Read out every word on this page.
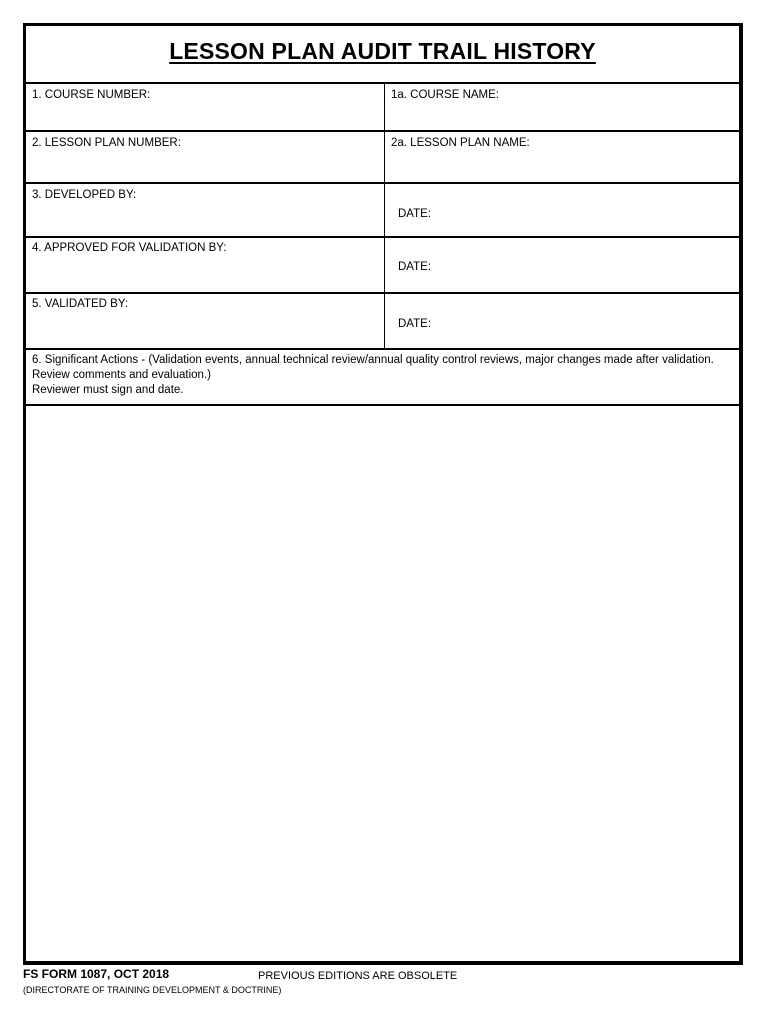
LESSON PLAN AUDIT TRAIL HISTORY
1. COURSE NUMBER:	1a. COURSE NAME:
2. LESSON PLAN NUMBER:	2a. LESSON PLAN NAME:
3. DEVELOPED BY:
DATE:
4. APPROVED FOR VALIDATION BY:
DATE:
5. VALIDATED BY:
DATE:
6. Significant Actions - (Validation events, annual technical review/annual quality control reviews, major changes made after validation. Review comments and evaluation.)
Reviewer must sign and date.
FS FORM 1087, OCT 2018	PREVIOUS EDITIONS ARE OBSOLETE
(DIRECTORATE OF TRAINING DEVELOPMENT & DOCTRINE)
